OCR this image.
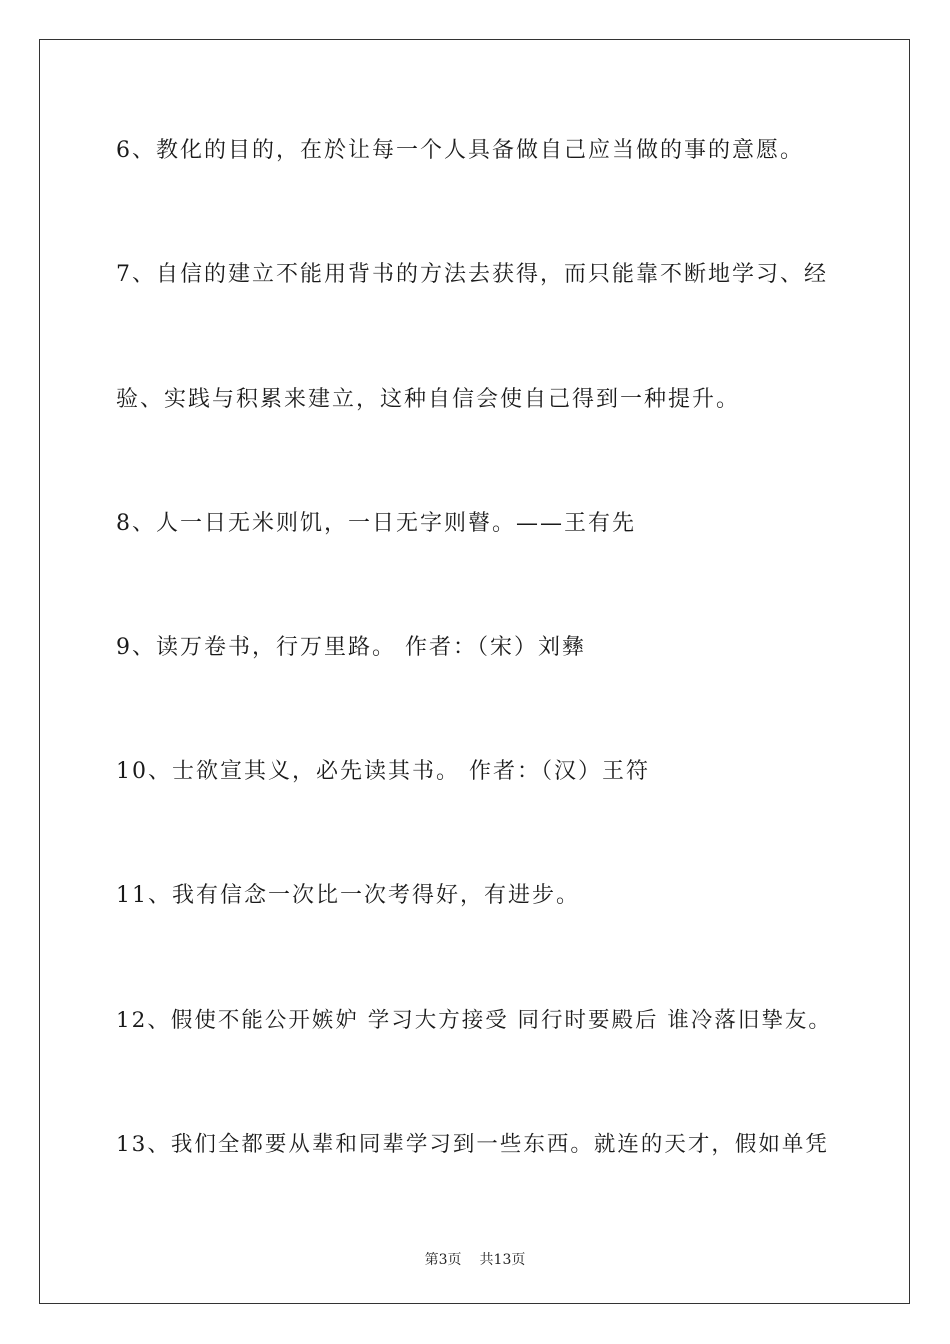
6、教化的目的，在於让每一个人具备做自己应当做的事的意愿。
7、自信的建立不能用背书的方法去获得，而只能靠不断地学习、经
验、实践与积累来建立，这种自信会使自己得到一种提升。
8、人一日无米则饥，一日无字则瞽。——王有先
9、读万卷书，行万里路。 作者：（宋）刘彝
10、士欲宣其义，必先读其书。 作者：（汉）王符
11、我有信念一次比一次考得好，有进步。
12、假使不能公开嫉妒 学习大方接受 同行时要殿后 谁冷落旧挚友。
13、我们全都要从辈和同辈学习到一些东西。就连的天才，假如单凭
第3页 共13页
